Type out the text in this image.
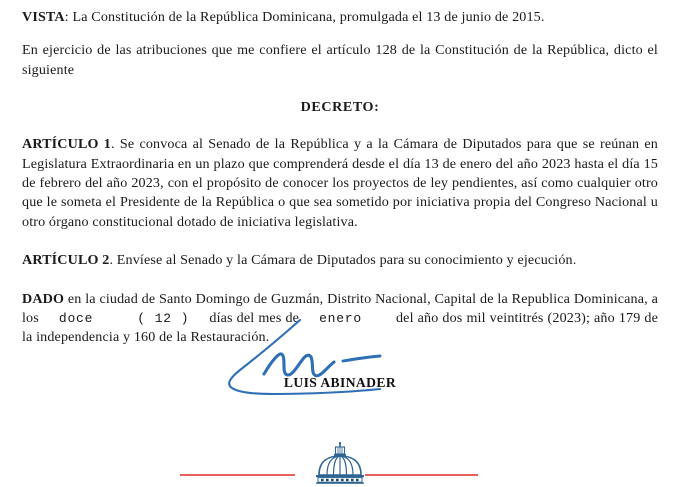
VISTA: La Constitución de la República Dominicana, promulgada el 13 de junio de 2015.

En ejercicio de las atribuciones que me confiere el artículo 128 de la Constitución de la República, dicto el siguiente

DECRETO:

ARTÍCULO 1. Se convoca al Senado de la República y a la Cámara de Diputados para que se reúnan en Legislatura Extraordinaria en un plazo que comprenderá desde el día 13 de enero del año 2023 hasta el día 15 de febrero del año 2023, con el propósito de conocer los proyectos de ley pendientes, así como cualquier otro que le someta el Presidente de la República o que sea sometido por iniciativa propia del Congreso Nacional u otro órgano constitucional dotado de iniciativa legislativa.

ARTÍCULO 2. Envíese al Senado y la Cámara de Diputados para su conocimiento y ejecución.

DADO en la ciudad de Santo Domingo de Guzmán, Distrito Nacional, Capital de la Republica Dominicana, a los doce	( 12 ) días del mes de enero del año dos mil veintitrés (2023); año 179 de la independencia y 160 de la Restauración.

LUIS ABINADER
